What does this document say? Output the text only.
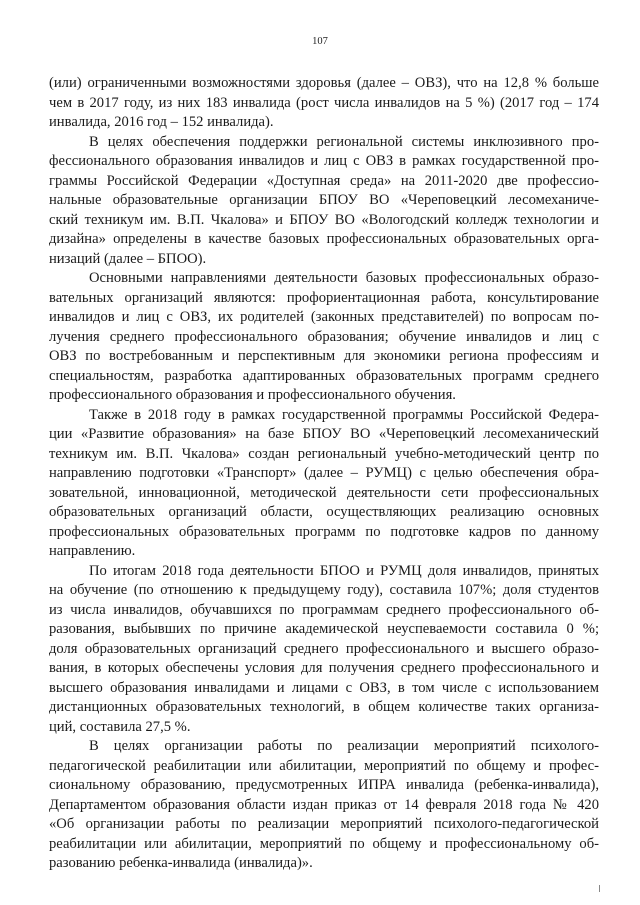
107
(или) ограниченными возможностями здоровья (далее – ОВЗ), что на 12,8 % больше
чем в 2017 году, из них 183 инвалида (рост числа инвалидов на 5 %) (2017 год – 174
инвалида, 2016 год – 152 инвалида).
В целях обеспечения поддержки региональной системы инклюзивного про-
фессионального образования инвалидов и лиц с ОВЗ в рамках государственной про-
граммы Российской Федерации «Доступная среда» на 2011-2020 две профессио-
нальные образовательные организации БПОУ ВО «Череповецкий лесомеханиче-
ский техникум им. В.П. Чкалова» и БПОУ ВО «Вологодский колледж технологии и
дизайна» определены в качестве базовых профессиональных образовательных орга-
низаций (далее – БПОО).
Основными направлениями деятельности базовых профессиональных образо-
вательных организаций являются: профориентационная работа, консультирование
инвалидов и лиц с ОВЗ, их родителей (законных представителей) по вопросам по-
лучения среднего профессионального образования; обучение инвалидов и лиц с
ОВЗ по востребованным и перспективным для экономики региона профессиям и
специальностям, разработка адаптированных образовательных программ среднего
профессионального образования и профессионального обучения.
Также в 2018 году в рамках государственной программы Российской Федера-
ции «Развитие образования» на базе БПОУ ВО «Череповецкий лесомеханический
техникум им. В.П. Чкалова» создан региональный учебно-методический центр по
направлению подготовки «Транспорт» (далее – РУМЦ) с целью обеспечения обра-
зовательной, инновационной, методической деятельности сети профессиональных
образовательных организаций области, осуществляющих реализацию основных
профессиональных образовательных программ по подготовке кадров по данному
направлению.
По итогам 2018 года деятельности БПОО и РУМЦ доля инвалидов, принятых
на обучение (по отношению к предыдущему году), составила 107%; доля студентов
из числа инвалидов, обучавшихся по программам среднего профессионального об-
разования, выбывших по причине академической неуспеваемости составила 0 %;
доля образовательных организаций среднего профессионального и высшего образо-
вания, в которых обеспечены условия для получения среднего профессионального и
высшего образования инвалидами и лицами с ОВЗ, в том числе с использованием
дистанционных образовательных технологий, в общем количестве таких организа-
ций, составила 27,5 %.
В целях организации работы по реализации мероприятий психолого-
педагогической реабилитации или абилитации, мероприятий по общему и профес-
сиональному образованию, предусмотренных ИПРА инвалида (ребенка-инвалида),
Департаментом образования области издан приказ от 14 февраля 2018 года № 420
«Об организации работы по реализации мероприятий психолого-педагогической
реабилитации или абилитации, мероприятий по общему и профессиональному об-
разованию ребенка-инвалида (инвалида)».
